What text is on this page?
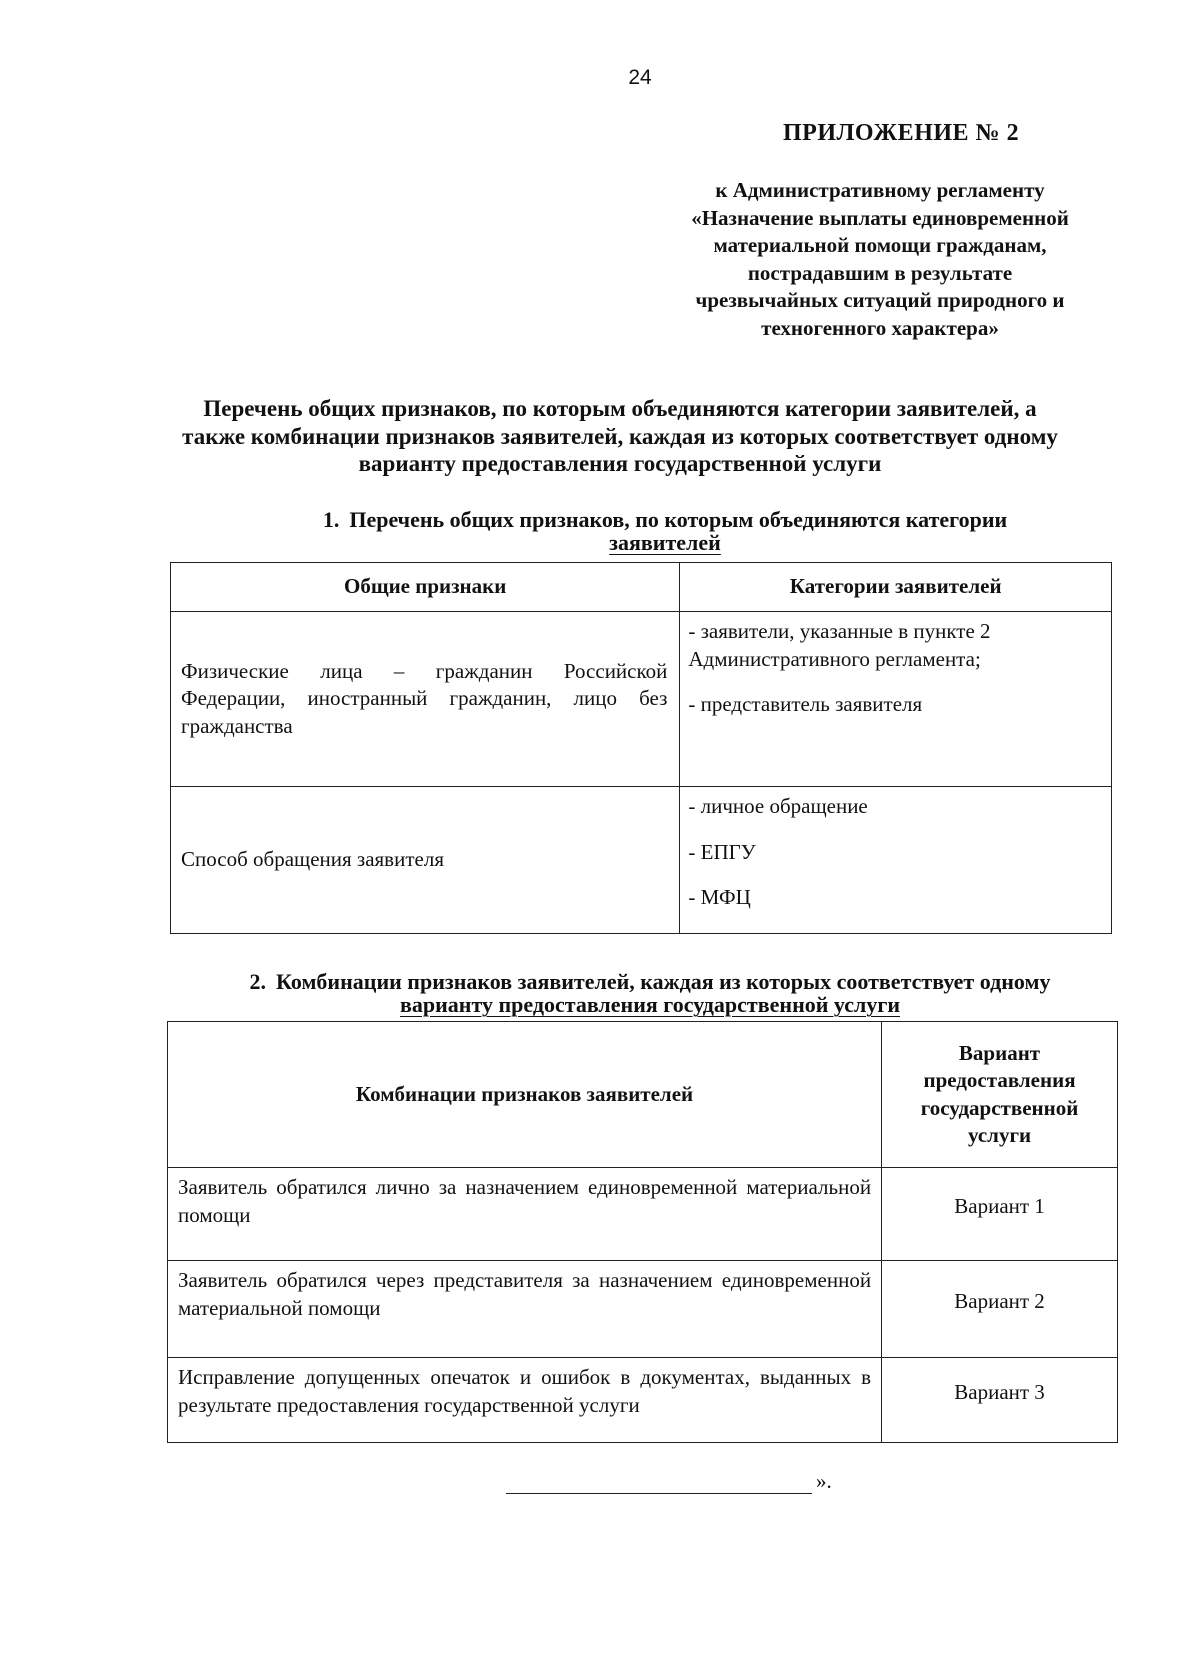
24
ПРИЛОЖЕНИЕ № 2
к Административному регламенту
«Назначение выплаты единовременной
материальной помощи гражданам,
пострадавшим в результате
чрезвычайных ситуаций природного и
техногенного характера»
Перечень общих признаков, по которым объединяются категории заявителей, а
также комбинации признаков заявителей, каждая из которых соответствует одному
варианту предоставления государственной услуги
1. Перечень общих признаков, по которым объединяются категории
заявителей
Общие признаки	Категории заявителей
Физические лица – гражданин Российской Федерации, иностранный гражданин, лицо без гражданства	- заявители, указанные в пункте 2 Административного регламента;
- представитель заявителя

Способ обращения заявителя	- личное обращение
- ЕПГУ
- МФЦ
2. Комбинации признаков заявителей, каждая из которых соответствует одному
варианту предоставления государственной услуги
Комбинации признаков заявителей	Вариант предоставления государственной услуги
Заявитель обратился лично за назначением единовременной материальной помощи	Вариант 1
Заявитель обратился через представителя за назначением единовременной материальной помощи	Вариант 2
Исправление допущенных опечаток и ошибок в документах, выданных в результате предоставления государственной услуги	Вариант 3
».
